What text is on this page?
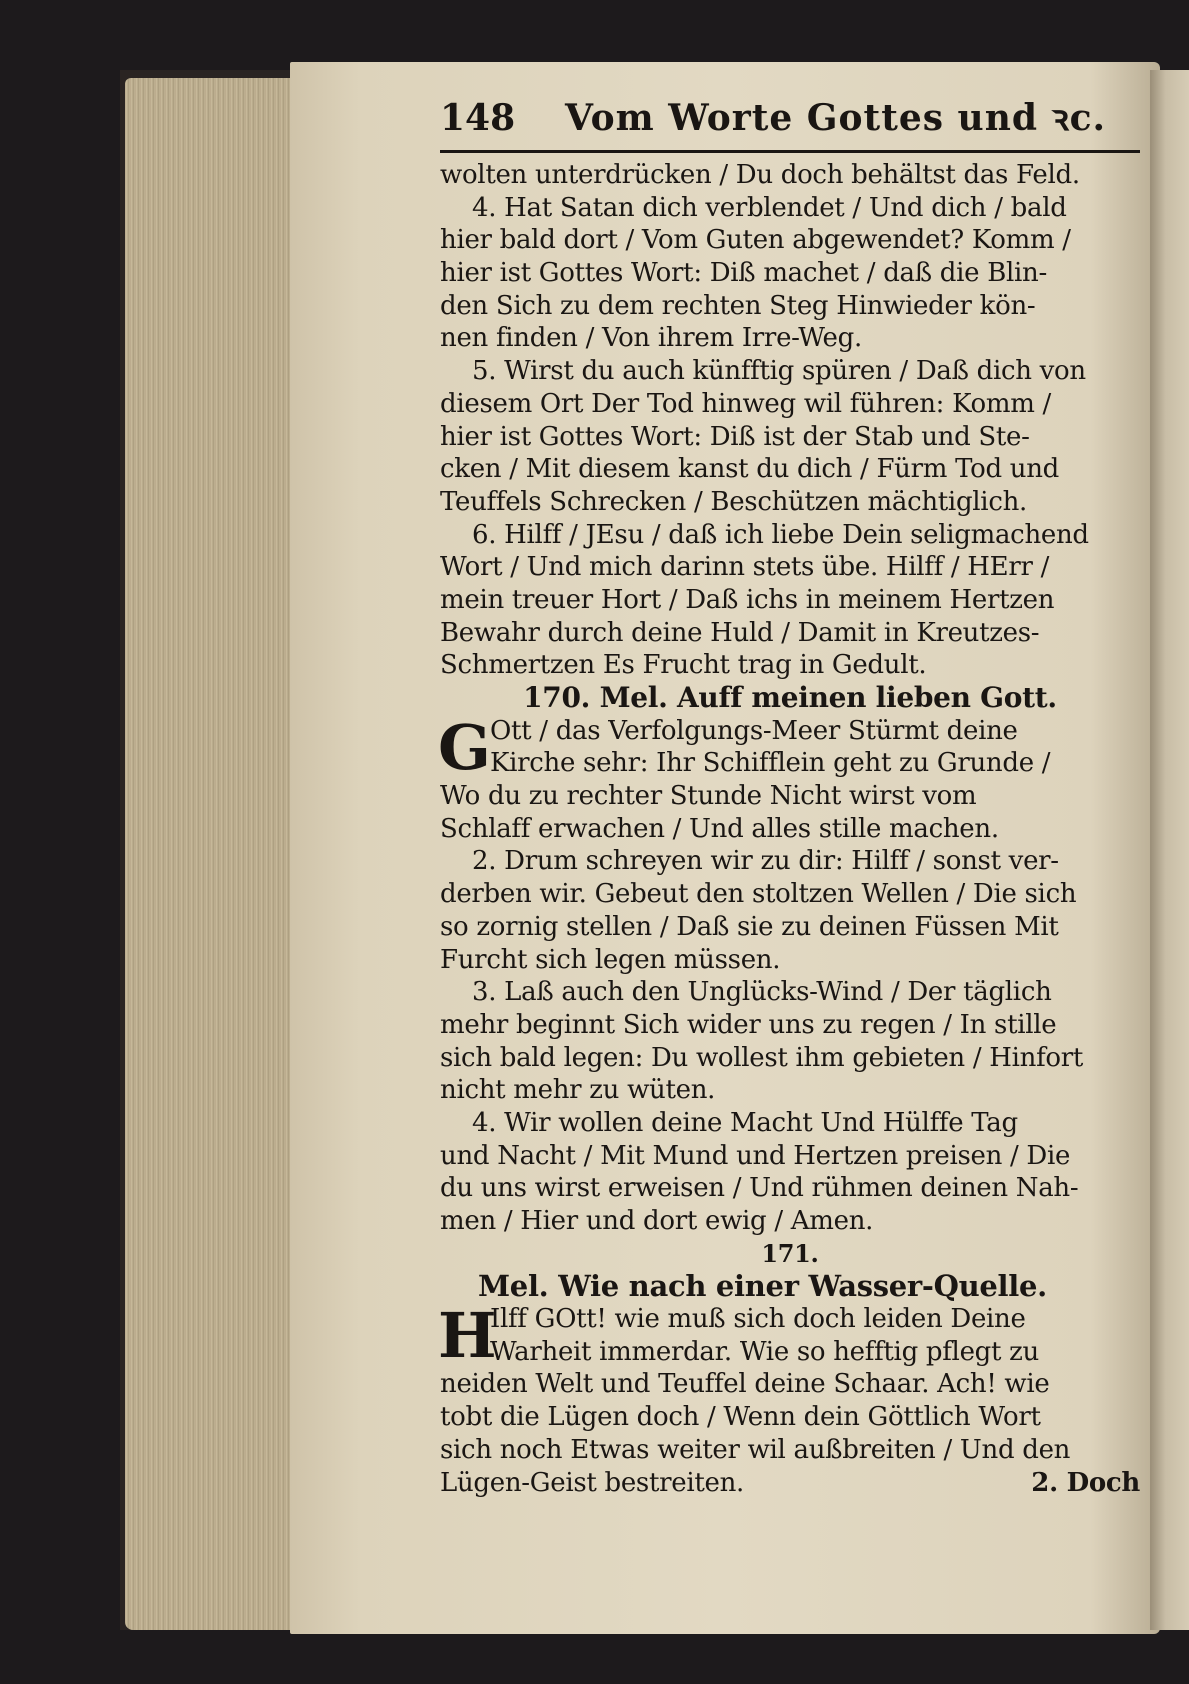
148	Vom Worte Gottes und ꝛc.
wolten unterdrücken / Du doch behältst das Feld.
4. Hat Satan dich verblendet / Und dich / bald
hier bald dort / Vom Guten abgewendet? Komm /
hier ist Gottes Wort: Diß machet / daß die Blin-
den Sich zu dem rechten Steg Hinwieder kön-
nen finden / Von ihrem Irre-Weg.
5. Wirst du auch künfftig spüren / Daß dich von
diesem Ort Der Tod hinweg wil führen: Komm /
hier ist Gottes Wort: Diß ist der Stab und Ste-
cken / Mit diesem kanst du dich / Fürm Tod und
Teuffels Schrecken / Beschützen mächtiglich.
6. Hilff / JEsu / daß ich liebe Dein seligmachend
Wort / Und mich darinn stets übe. Hilff / HErr /
mein treuer Hort / Daß ichs in meinem Hertzen
Bewahr durch deine Huld / Damit in Kreutzes-
Schmertzen Es Frucht trag in Gedult.
170. Mel. Auff meinen lieben Gott.
G Ott / das Verfolgungs-Meer Stürmt deine
Kirche sehr: Ihr Schifflein geht zu Grunde /
Wo du zu rechter Stunde Nicht wirst vom
Schlaff erwachen / Und alles stille machen.
2. Drum schreyen wir zu dir: Hilff / sonst ver-
derben wir. Gebeut den stoltzen Wellen / Die sich
so zornig stellen / Daß sie zu deinen Füssen Mit
Furcht sich legen müssen.
3. Laß auch den Unglücks-Wind / Der täglich
mehr beginnt Sich wider uns zu regen / In stille
sich bald legen: Du wollest ihm gebieten / Hinfort
nicht mehr zu wüten.
4. Wir wollen deine Macht Und Hülffe Tag
und Nacht / Mit Mund und Hertzen preisen / Die
du uns wirst erweisen / Und rühmen deinen Nah-
men / Hier und dort ewig / Amen.
171.
Mel. Wie nach einer Wasser-Quelle.
H
Ilff GOtt! wie muß sich doch leiden Deine
Warheit immerdar. Wie so hefftig pflegt zu
neiden Welt und Teuffel deine Schaar. Ach! wie
tobt die Lügen doch / Wenn dein Göttlich Wort
sich noch Etwas weiter wil außbreiten / Und den
Lügen-Geist bestreiten.	2. Doch
